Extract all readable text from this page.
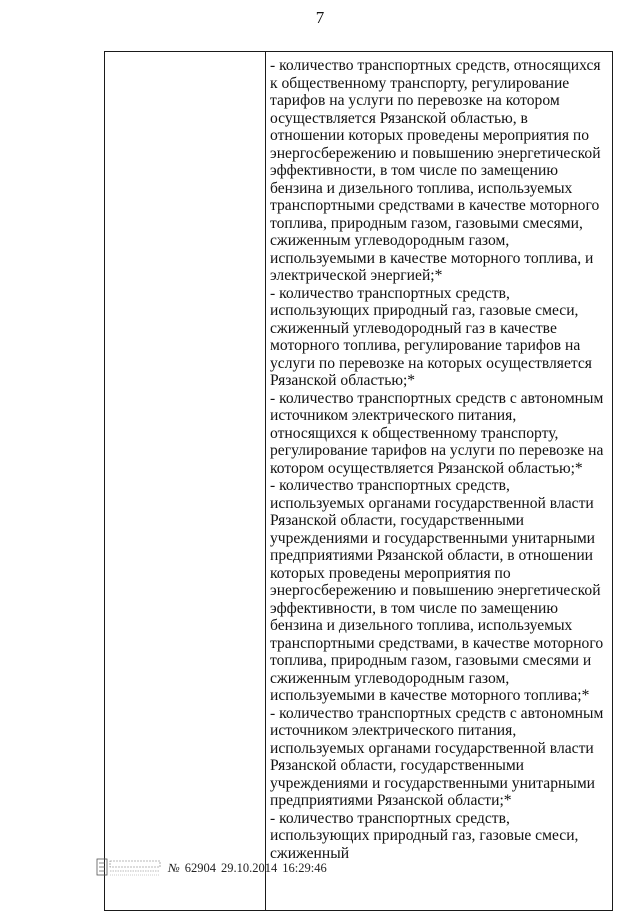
7

- количество транспортных средств, относящихся к общественному транспорту, регулирование тарифов на услуги по перевозке на котором осуществляется Рязанской областью, в отношении которых проведены мероприятия по энергосбережению и повышению энергетической эффективности, в том числе по замещению бензина и дизельного топлива, используемых транспортными средствами в качестве моторного топлива, природным газом, газовыми смесями, сжиженным углеводородным газом, используемыми в качестве моторного топлива, и электрической энергией;*

- количество транспортных средств, использующих природный газ, газовые смеси, сжиженный углеводородный газ в качестве моторного топлива, регулирование тарифов на услуги по перевозке на которых осуществляется Рязанской областью;*

- количество транспортных средств с автономным источником электрического питания, относящихся к общественному транспорту, регулирование тарифов на услуги по перевозке на котором осуществляется Рязанской областью;*

- количество транспортных средств, используемых органами государственной власти Рязанской области, государственными учреждениями и государственными унитарными предприятиями Рязанской области, в отношении которых проведены мероприятия по энергосбережению и повышению энергетической эффективности, в том числе по замещению бензина и дизельного топлива, используемых транспортными средствами, в качестве моторного топлива, природным газом, газовыми смесями и сжиженным углеводородным газом, используемыми в качестве моторного топлива;*

- количество транспортных средств с автономным источником электрического питания, используемых органами государственной власти Рязанской области, государственными учреждениями и государственными унитарными предприятиями Рязанской области;*

- количество транспортных средств, использующих природный газ, газовые смеси, сжиженный

№ 62904 29.10.2014 16:29:46
